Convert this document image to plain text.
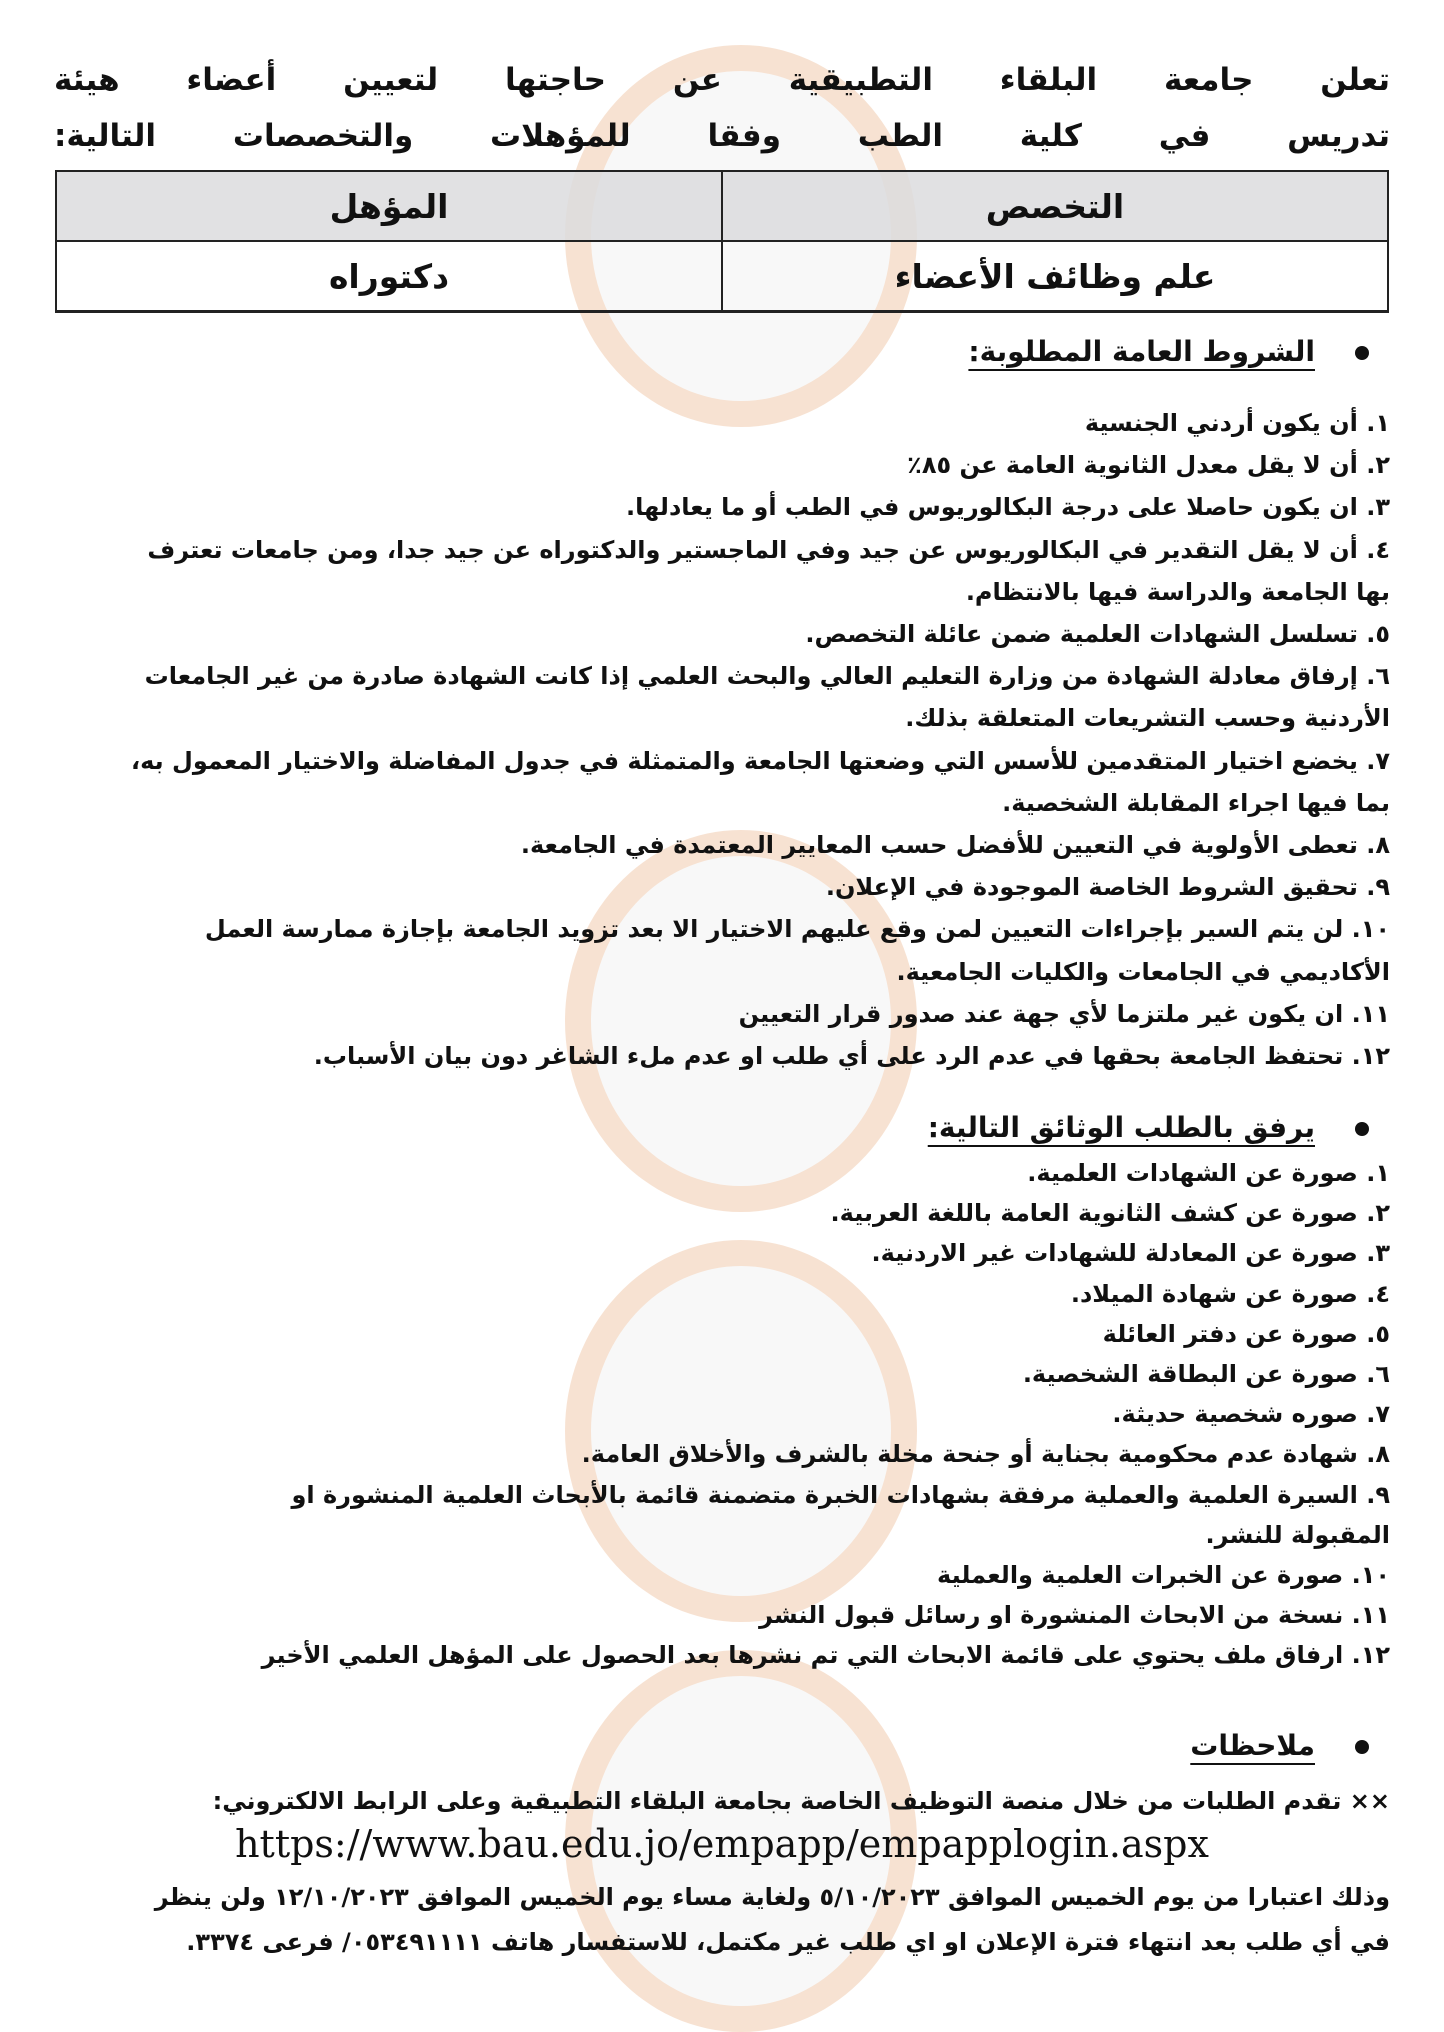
تعلن جامعة البلقاء التطبيقية عن حاجتها لتعيين أعضاء هيئة
تدريس في كلية الطب وفقا للمؤهلات والتخصصات التالية:
التخصص	المؤهل
علم وظائف الأعضاء	دكتوراه
الشروط العامة المطلوبة:
١. أن يكون أردني الجنسية
٢. أن لا يقل معدل الثانوية العامة عن ٨٥٪
٣. ان يكون حاصلا على درجة البكالوريوس في الطب أو ما يعادلها.
٤. أن لا يقل التقدير في البكالوريوس عن جيد وفي الماجستير والدكتوراه عن جيد جدا، ومن جامعات تعترف
بها الجامعة والدراسة فيها بالانتظام.
٥. تسلسل الشهادات العلمية ضمن عائلة التخصص.
٦. إرفاق معادلة الشهادة من وزارة التعليم العالي والبحث العلمي إذا كانت الشهادة صادرة من غير الجامعات
الأردنية وحسب التشريعات المتعلقة بذلك.
٧. يخضع اختيار المتقدمين للأسس التي وضعتها الجامعة والمتمثلة في جدول المفاضلة والاختيار المعمول به،
بما فيها اجراء المقابلة الشخصية.
٨. تعطى الأولوية في التعيين للأفضل حسب المعايير المعتمدة في الجامعة.
٩. تحقيق الشروط الخاصة الموجودة في الإعلان.
١٠. لن يتم السير بإجراءات التعيين لمن وقع عليهم الاختيار الا بعد تزويد الجامعة بإجازة ممارسة العمل
الأكاديمي في الجامعات والكليات الجامعية.
١١. ان يكون غير ملتزما لأي جهة عند صدور قرار التعيين
١٢. تحتفظ الجامعة بحقها في عدم الرد على أي طلب او عدم ملء الشاغر دون بيان الأسباب.
يرفق بالطلب الوثائق التالية:
١. صورة عن الشهادات العلمية.
٢. صورة عن كشف الثانوية العامة باللغة العربية.
٣. صورة عن المعادلة للشهادات غير الاردنية.
٤. صورة عن شهادة الميلاد.
٥. صورة عن دفتر العائلة
٦. صورة عن البطاقة الشخصية.
٧. صوره شخصية حديثة.
٨. شهادة عدم محكومية بجناية أو جنحة مخلة بالشرف والأخلاق العامة.
٩. السيرة العلمية والعملية مرفقة بشهادات الخبرة متضمنة قائمة بالأبحاث العلمية المنشورة او
المقبولة للنشر.
١٠. صورة عن الخبرات العلمية والعملية
١١. نسخة من الابحاث المنشورة او رسائل قبول النشر
١٢. ارفاق ملف يحتوي على قائمة الابحاث التي تم نشرها بعد الحصول على المؤهل العلمي الأخير
ملاحظات
×× تقدم الطلبات من خلال منصة التوظيف الخاصة بجامعة البلقاء التطبيقية وعلى الرابط الالكتروني:
https://www.bau.edu.jo/empapp/empapplogin.aspx
وذلك اعتبارا من يوم الخميس الموافق ٥/١٠/٢٠٢٣ ولغاية مساء يوم الخميس الموافق ١٢/١٠/٢٠٢٣ ولن ينظر
في أي طلب بعد انتهاء فترة الإعلان او اي طلب غير مكتمل، للاستفسار هاتف ٠٥٣٤٩١١١١/ فرعى ٣٣٧٤.
